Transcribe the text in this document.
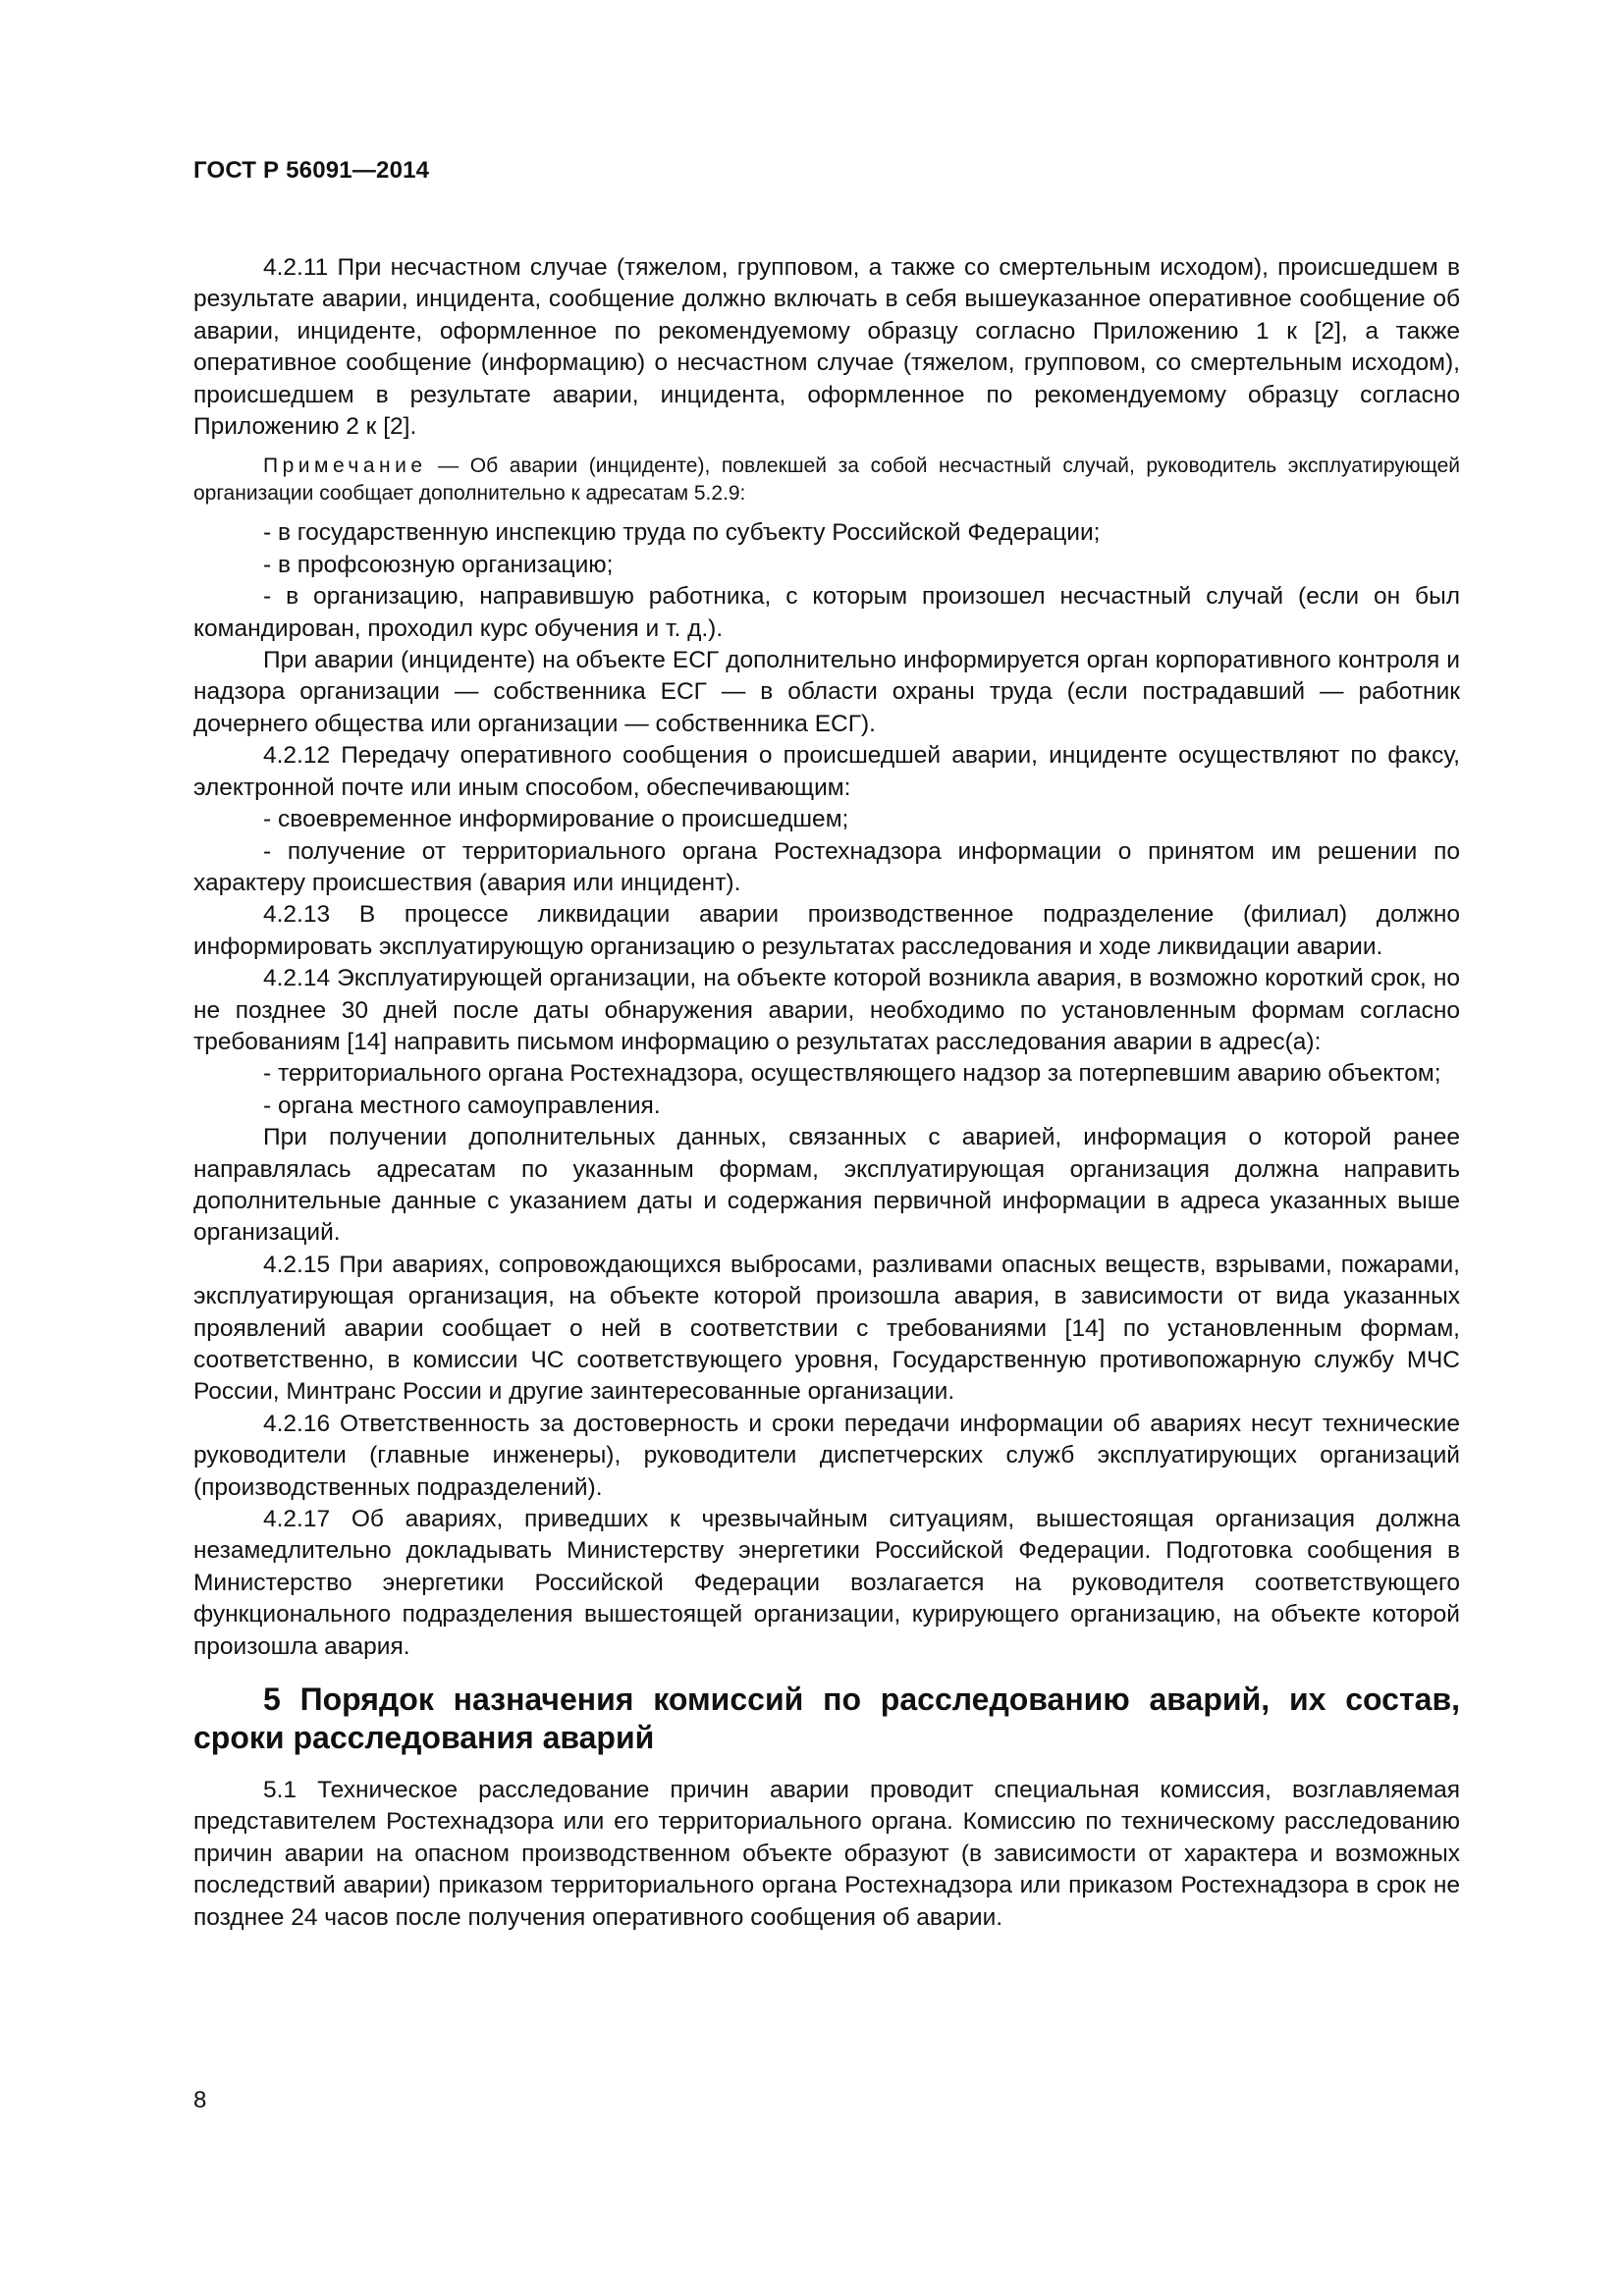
ГОСТ Р 56091—2014

4.2.11 При несчастном случае (тяжелом, групповом, а также со смертельным исходом), происшедшем в результате аварии, инцидента, сообщение должно включать в себя вышеуказанное оперативное сообщение об аварии, инциденте, оформленное по рекомендуемому образцу согласно Приложению 1 к [2], а также оперативное сообщение (информацию) о несчастном случае (тяжелом, групповом, со смертельным исходом), происшедшем в результате аварии, инцидента, оформленное по рекомендуемому образцу согласно Приложению 2 к [2].

Примечание — Об аварии (инциденте), повлекшей за собой несчастный случай, руководитель эксплуатирующей организации сообщает дополнительно к адресатам 5.2.9:

- в государственную инспекцию труда по субъекту Российской Федерации;

- в профсоюзную организацию;

- в организацию, направившую работника, с которым произошел несчастный случай (если он был командирован, проходил курс обучения и т. д.).

При аварии (инциденте) на объекте ЕСГ дополнительно информируется орган корпоративного контроля и надзора организации — собственника ЕСГ — в области охраны труда (если пострадавший — работник дочернего общества или организации — собственника ЕСГ).

4.2.12 Передачу оперативного сообщения о происшедшей аварии, инциденте осуществляют по факсу, электронной почте или иным способом, обеспечивающим:

- своевременное информирование о происшедшем;

- получение от территориального органа Ростехнадзора информации о принятом им решении по характеру происшествия (авария или инцидент).

4.2.13 В процессе ликвидации аварии производственное подразделение (филиал) должно информировать эксплуатирующую организацию о результатах расследования и ходе ликвидации аварии.

4.2.14 Эксплуатирующей организации, на объекте которой возникла авария, в возможно короткий срок, но не позднее 30 дней после даты обнаружения аварии, необходимо по установленным формам согласно требованиям [14] направить письмом информацию о результатах расследования аварии в адрес(а):

- территориального органа Ростехнадзора, осуществляющего надзор за потерпевшим аварию объектом;

- органа местного самоуправления.

При получении дополнительных данных, связанных с аварией, информация о которой ранее направлялась адресатам по указанным формам, эксплуатирующая организация должна направить дополнительные данные с указанием даты и содержания первичной информации в адреса указанных выше организаций.

4.2.15 При авариях, сопровождающихся выбросами, разливами опасных веществ, взрывами, пожарами, эксплуатирующая организация, на объекте которой произошла авария, в зависимости от вида указанных проявлений аварии сообщает о ней в соответствии с требованиями [14] по установленным формам, соответственно, в комиссии ЧС соответствующего уровня, Государственную противопожарную службу МЧС России, Минтранс России и другие заинтересованные организации.

4.2.16 Ответственность за достоверность и сроки передачи информации об авариях несут технические руководители (главные инженеры), руководители диспетчерских служб эксплуатирующих организаций (производственных подразделений).

4.2.17 Об авариях, приведших к чрезвычайным ситуациям, вышестоящая организация должна незамедлительно докладывать Министерству энергетики Российской Федерации. Подготовка сообщения в Министерство энергетики Российской Федерации возлагается на руководителя соответствующего функционального подразделения вышестоящей организации, курирующего организацию, на объекте которой произошла авария.

5 Порядок назначения комиссий по расследованию аварий, их состав, сроки расследования аварий

5.1 Техническое расследование причин аварии проводит специальная комиссия, возглавляемая представителем Ростехнадзора или его территориального органа. Комиссию по техническому расследованию причин аварии на опасном производственном объекте образуют (в зависимости от характера и возможных последствий аварии) приказом территориального органа Ростехнадзора или приказом Ростехнадзора в срок не позднее 24 часов после получения оперативного сообщения об аварии.

8
